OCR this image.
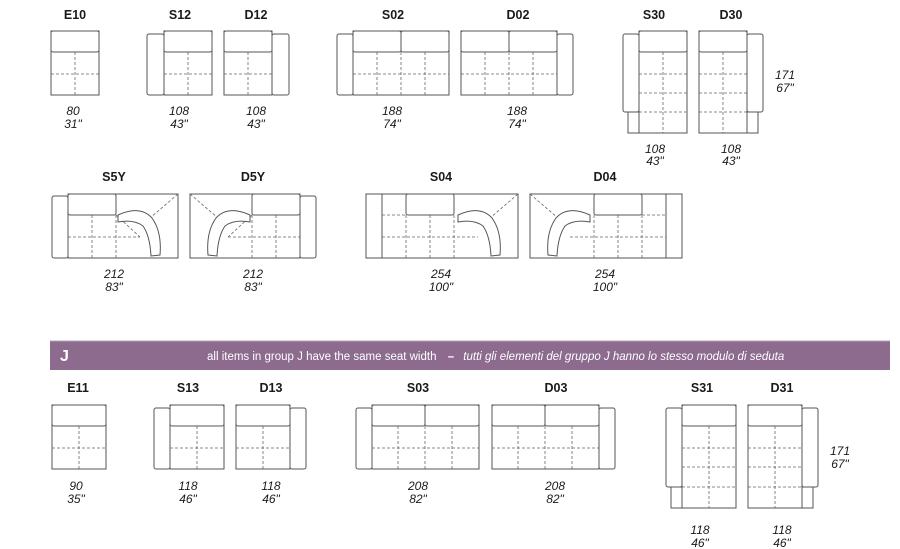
E10
80
31"
S12
108
43"
D12
108
43"
S02
188
74"
D02
188
74"
S30
108
43"
D30
108
43"
171
67"
S5Y
212
83"
D5Y
212
83"
S04
254
100"
D04
254
100"
J	all items in group J have the same seat width – tutti gli elementi del gruppo J hanno lo stesso modulo di seduta
E11
90
35"
S13
118
46"
D13
118
46"
S03
208
82"
D03
208
82"
S31
118
46"
D31
118
46"
171
67"
